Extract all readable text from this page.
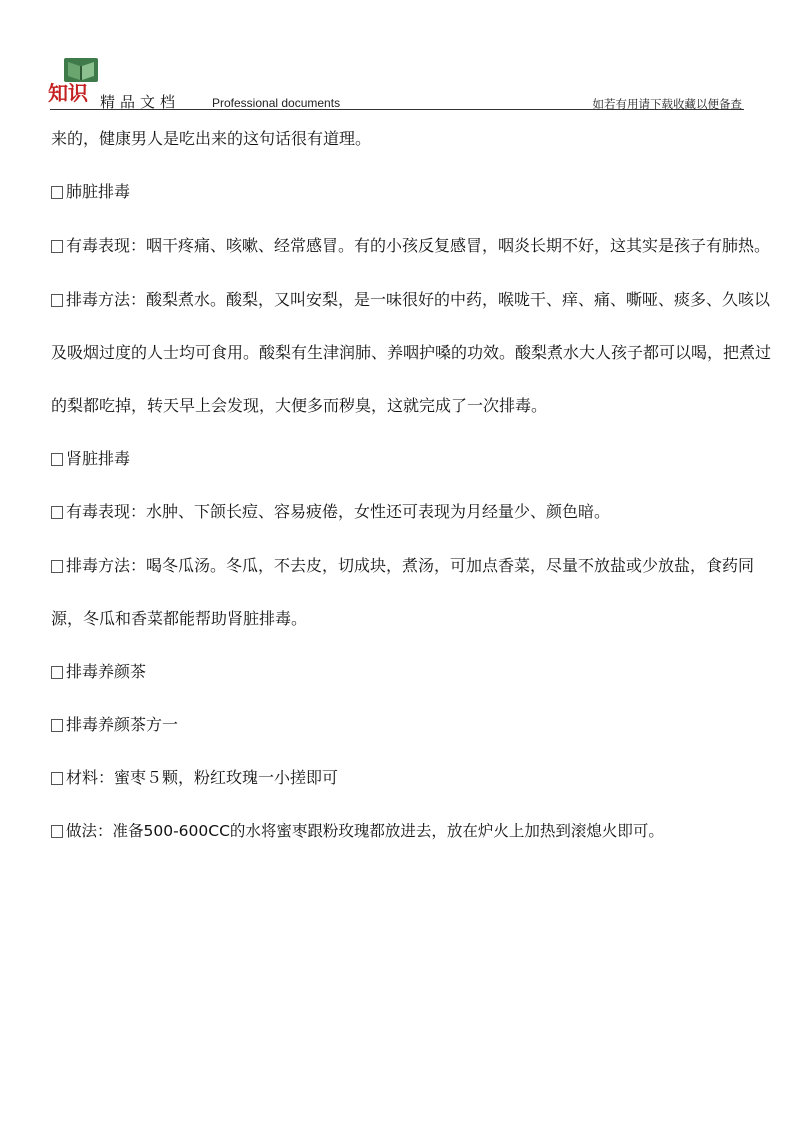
知识 精品文档	Professional documents	如若有用请下载收藏以便备查

来的，健康男人是吃出来的这句话很有道理。

肺脏排毒

有毒表现：咽干疼痛、咳嗽、经常感冒。有的小孩反复感冒，咽炎长期不好，这其实是孩子有肺热。

排毒方法：酸梨煮水。酸梨，又叫安梨，是一味很好的中药，喉咙干、痒、痛、嘶哑、痰多、久咳以及吸烟过度的人士均可食用。酸梨有生津润肺、养咽护嗓的功效。酸梨煮水大人孩子都可以喝，把煮过的梨都吃掉，转天早上会发现，大便多而秽臭，这就完成了一次排毒。

肾脏排毒

有毒表现：水肿、下颌长痘、容易疲倦，女性还可表现为月经量少、颜色暗。

排毒方法：喝冬瓜汤。冬瓜，不去皮，切成块，煮汤，可加点香菜，尽量不放盐或少放盐，食药同源，冬瓜和香菜都能帮助肾脏排毒。

排毒养颜茶

排毒养颜茶方一

材料：蜜枣５颗，粉红玫瑰一小搓即可

做法：准备500-600CC的水将蜜枣跟粉玫瑰都放进去，放在炉火上加热到滚熄火即可。
